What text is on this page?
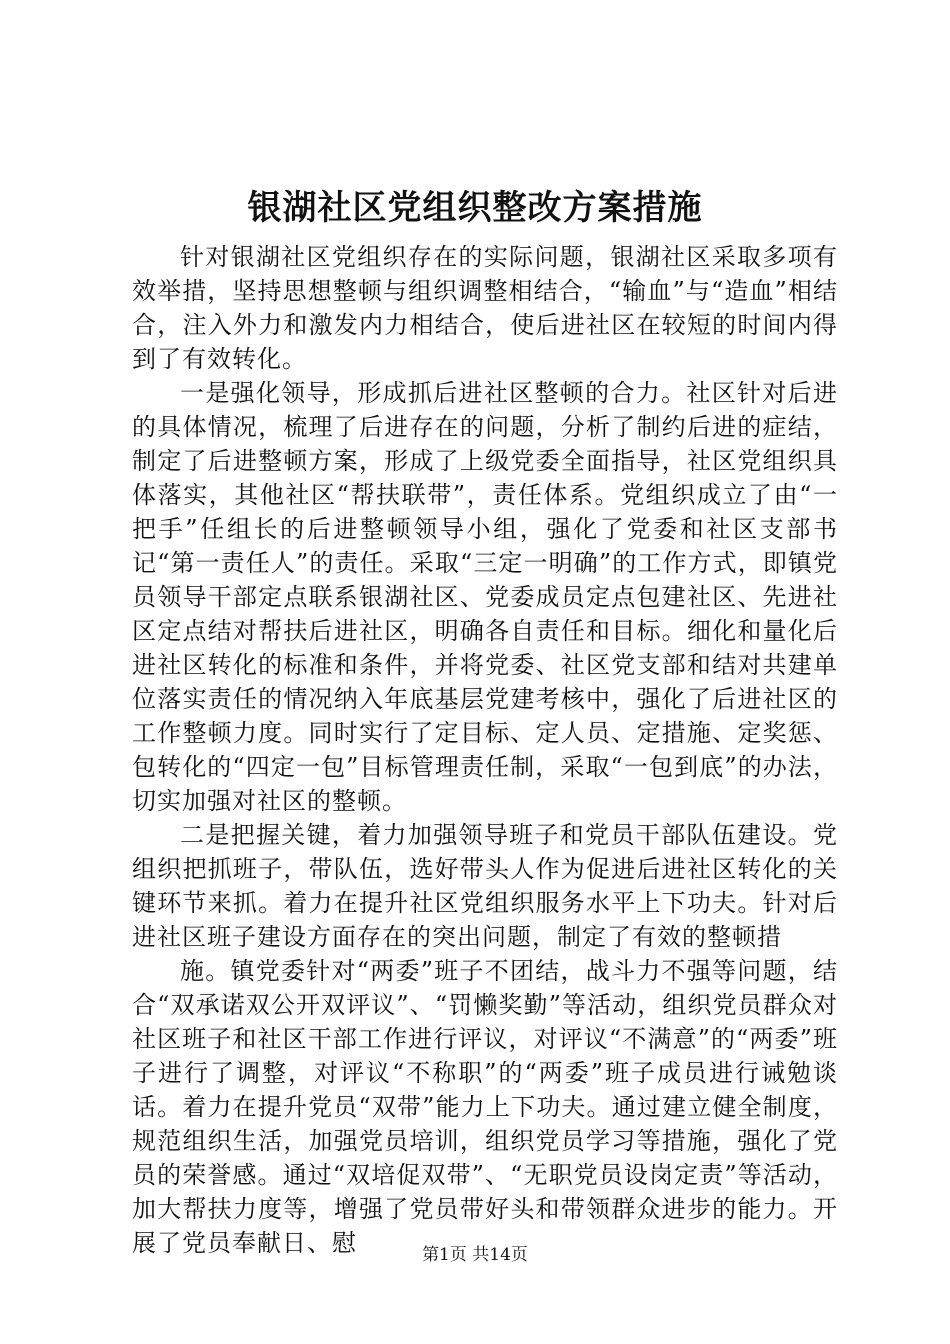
银湖社区党组织整改方案措施

针对银湖社区党组织存在的实际问题，银湖社区采取多项有效举措，坚持思想整顿与组织调整相结合，“输血”与“造血”相结合，注入外力和激发内力相结合，使后进社区在较短的时间内得到了有效转化。

一是强化领导，形成抓后进社区整顿的合力。社区针对后进的具体情况，梳理了后进存在的问题，分析了制约后进的症结，制定了后进整顿方案，形成了上级党委全面指导，社区党组织具体落实，其他社区“帮扶联带”，责任体系。党组织成立了由“一把手”任组长的后进整顿领导小组，强化了党委和社区支部书记“第一责任人”的责任。采取“三定一明确”的工作方式，即镇党员领导干部定点联系银湖社区、党委成员定点包建社区、先进社区定点结对帮扶后进社区，明确各自责任和目标。细化和量化后进社区转化的标准和条件，并将党委、社区党支部和结对共建单位落实责任的情况纳入年底基层党建考核中，强化了后进社区的工作整顿力度。同时实行了定目标、定人员、定措施、定奖惩、包转化的“四定一包”目标管理责任制，采取“一包到底”的办法，切实加强对社区的整顿。

二是把握关键，着力加强领导班子和党员干部队伍建设。党组织把抓班子，带队伍，选好带头人作为促进后进社区转化的关键环节来抓。着力在提升社区党组织服务水平上下功夫。针对后进社区班子建设方面存在的突出问题，制定了有效的整顿措

施。镇党委针对“两委”班子不团结，战斗力不强等问题，结合“双承诺双公开双评议”、“罚懒奖勤”等活动，组织党员群众对社区班子和社区干部工作进行评议，对评议“不满意”的“两委”班子进行了调整，对评议“不称职”的“两委”班子成员进行诫勉谈话。着力在提升党员“双带”能力上下功夫。通过建立健全制度，规范组织生活，加强党员培训，组织党员学习等措施，强化了党员的荣誉感。通过“双培促双带”、“无职党员设岗定责”等活动，加大帮扶力度等，增强了党员带好头和带领群众进步的能力。开展了党员奉献日、慰	第1页 共14页
